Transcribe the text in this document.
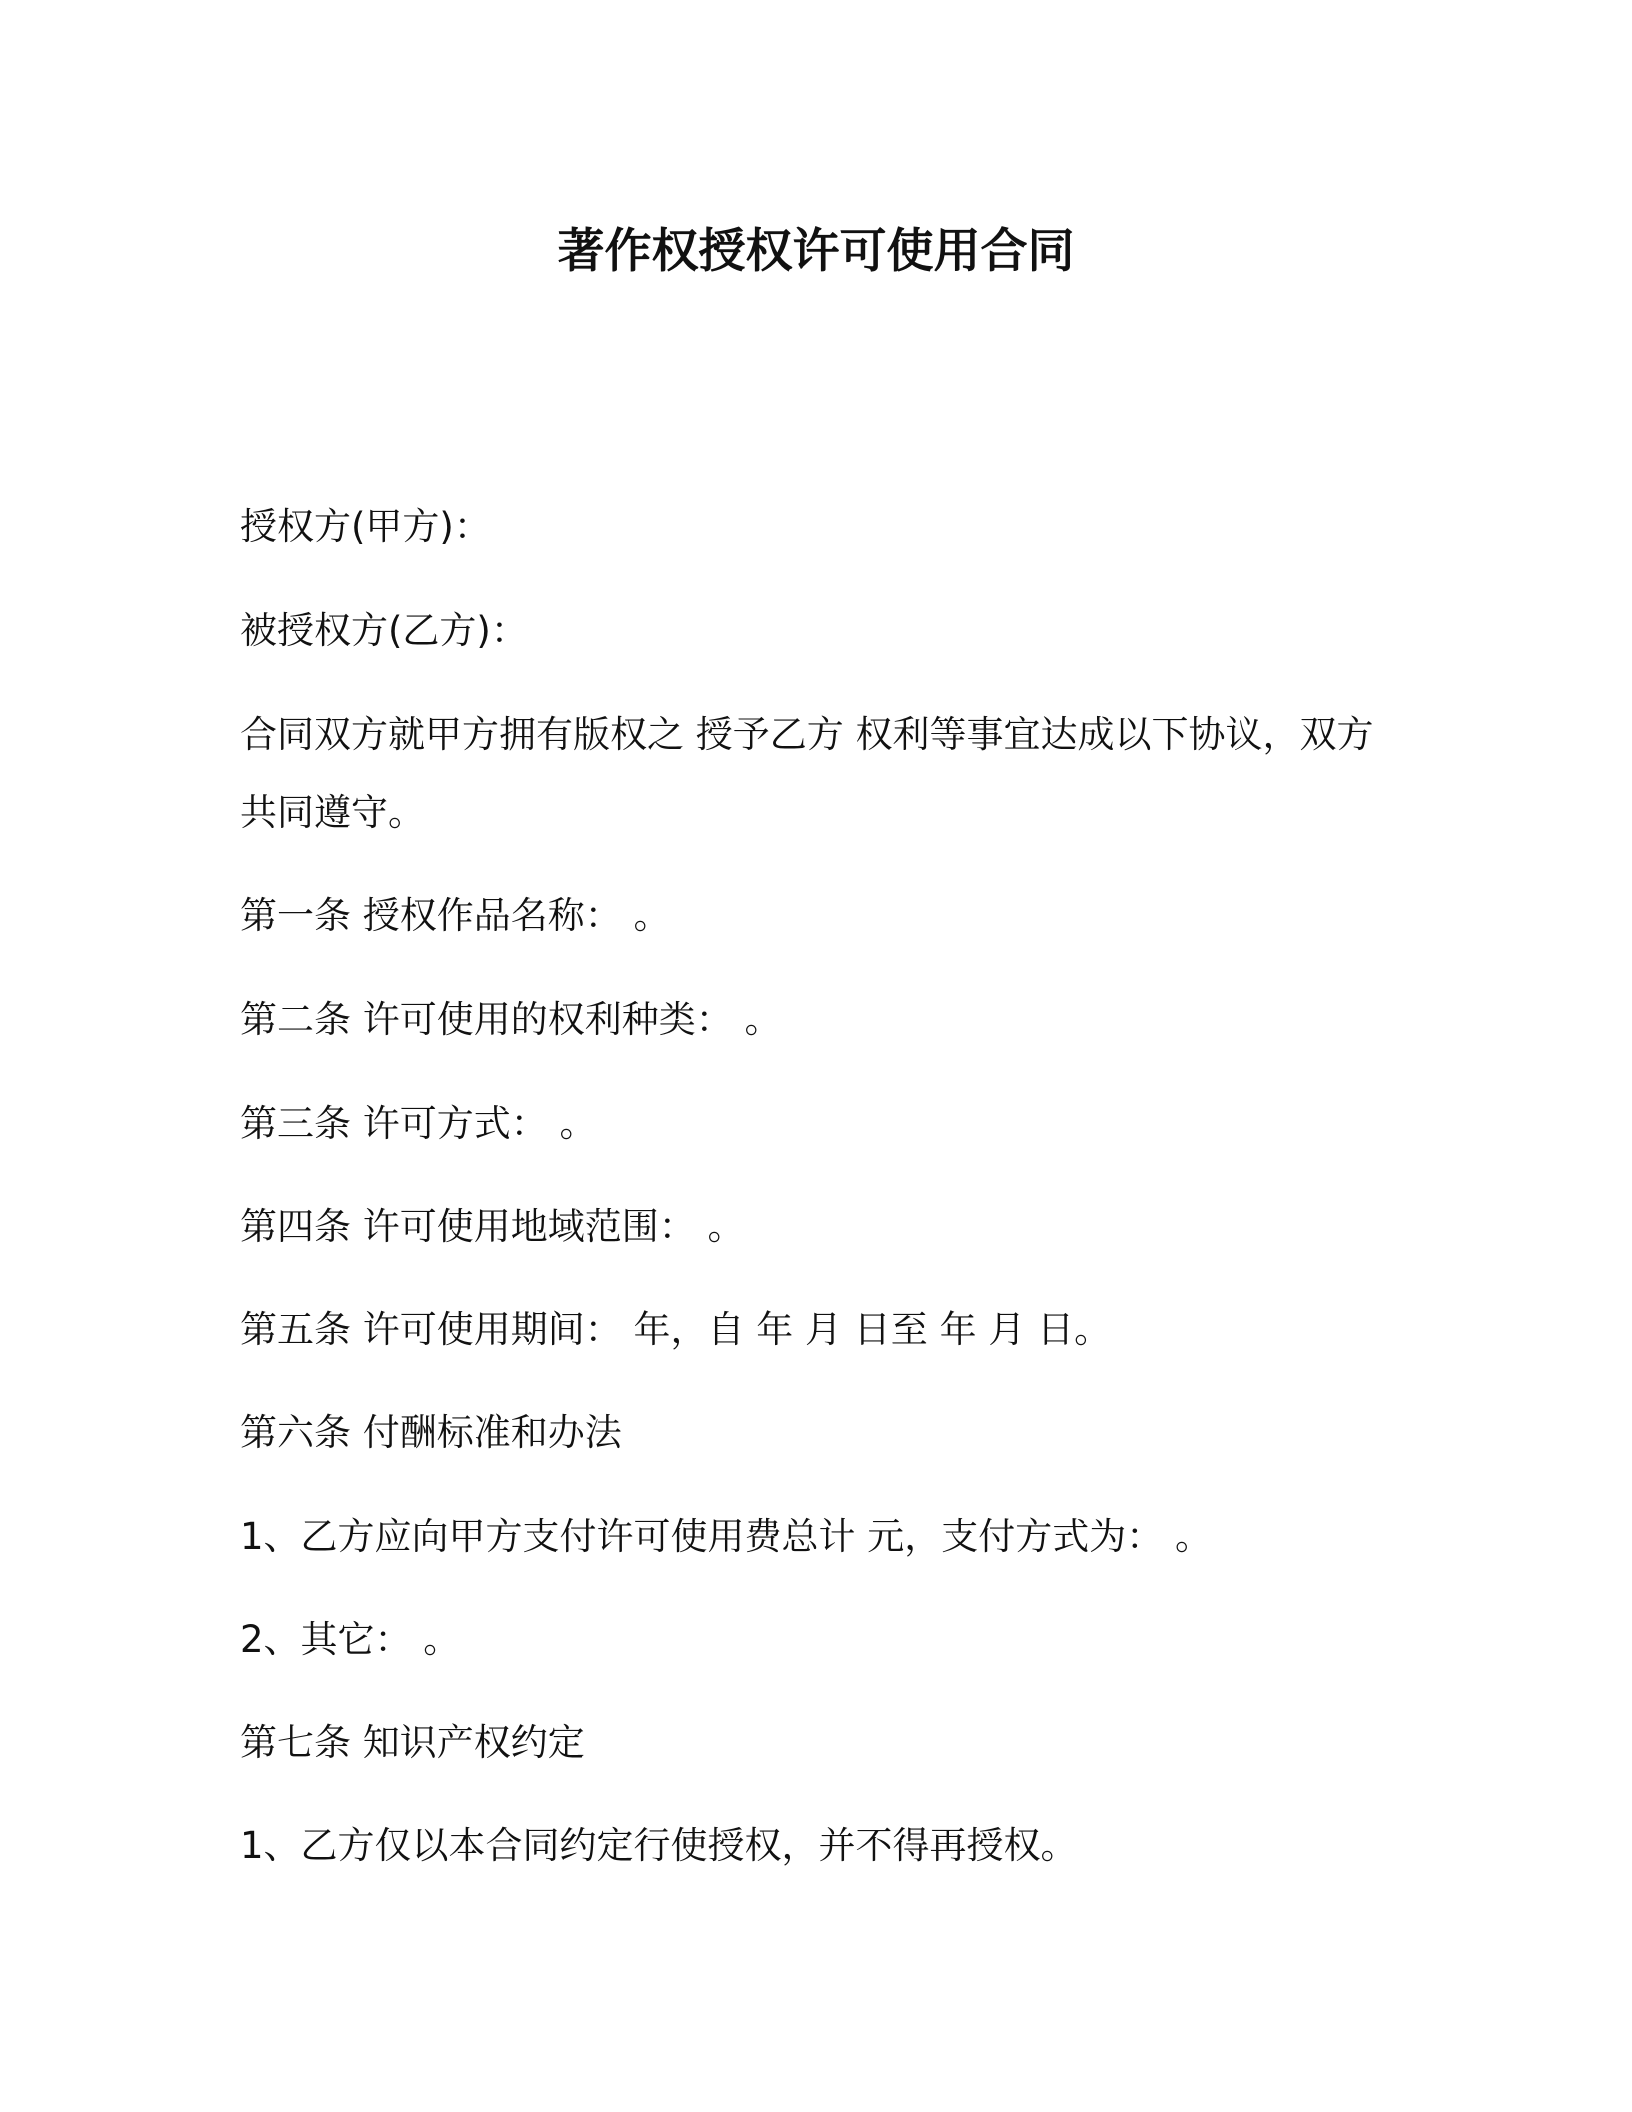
著作权授权许可使用合同

授权方(甲方)：

被授权方(乙方)：

合同双方就甲方拥有版权之 授予乙方 权利等事宜达成以下协议，双方共同遵守。

第一条 授权作品名称： 。

第二条 许可使用的权利种类： 。

第三条 许可方式： 。

第四条 许可使用地域范围： 。

第五条 许可使用期间： 年，自 年 月 日至 年 月 日。

第六条 付酬标准和办法

1、乙方应向甲方支付许可使用费总计 元，支付方式为： 。

2、其它： 。

第七条 知识产权约定

1、乙方仅以本合同约定行使授权，并不得再授权。
